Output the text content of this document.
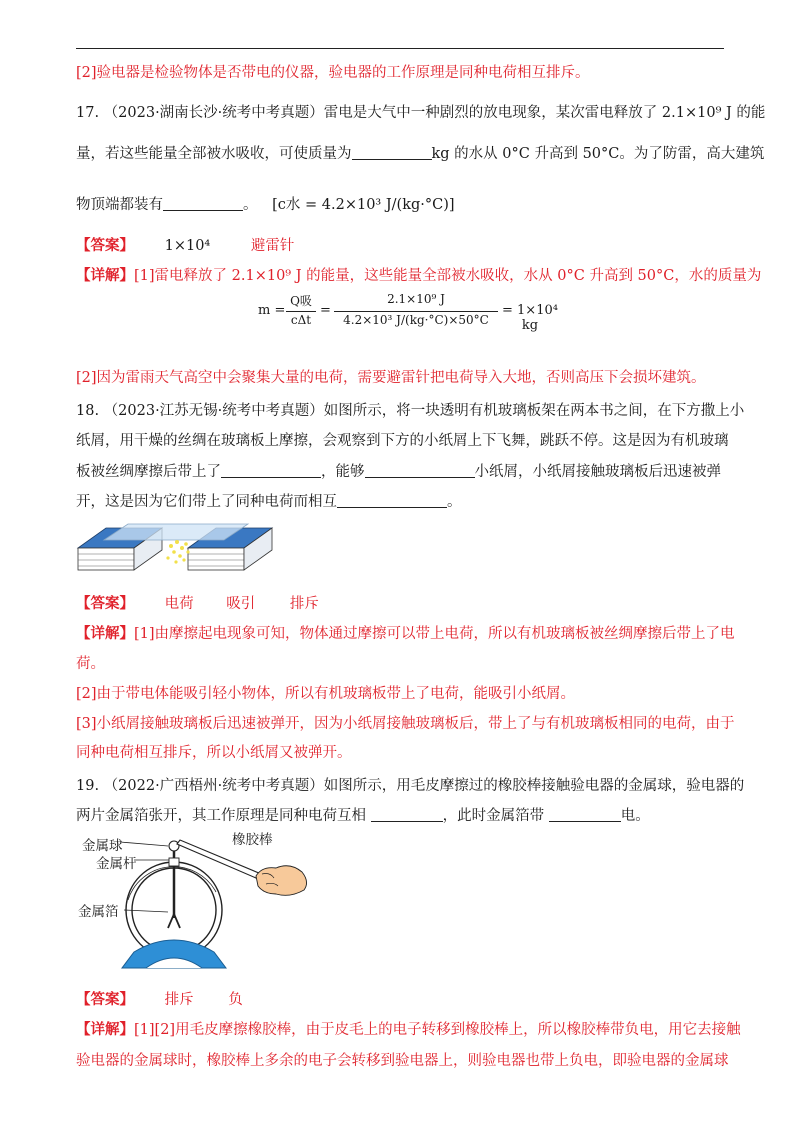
[2]验电器是检验物体是否带电的仪器，验电器的工作原理是同种电荷相互排斥。
17. （2023·湖南长沙·统考中考真题）雷电是大气中一种剧烈的放电现象，某次雷电释放了 2.1×10⁹ J 的能
量，若这些能量全部被水吸收，可使质量为	kg 的水从 0°C 升高到 50°C。为了防雷，高大建筑
物顶端都装有	。 [c水 = 4.2×10³ J/(kg·°C)]
【答案】 1×10⁴	避雷针
【详解】[1]雷电释放了 2.1×10⁹ J 的能量，这些能量全部被水吸收，水从 0°C 升高到 50°C，水的质量为
m =
Q吸
cΔt
=
2.1×10⁹ J
4.2×10³ J/(kg·°C)×50°C
= 1×10⁴ kg
[2]因为雷雨天气高空中会聚集大量的电荷，需要避雷针把电荷导入大地，否则高压下会损坏建筑。
18. （2023·江苏无锡·统考中考真题）如图所示，将一块透明有机玻璃板架在两本书之间，在下方撒上小
纸屑，用干燥的丝绸在玻璃板上摩擦，会观察到下方的小纸屑上下飞舞，跳跃不停。这是因为有机玻璃
板被丝绸摩擦后带上了	，能够	小纸屑，小纸屑接触玻璃板后迅速被弹
开，这是因为它们带上了同种电荷而相互	。
【答案】 电荷 吸引 排斥
【详解】[1]由摩擦起电现象可知，物体通过摩擦可以带上电荷，所以有机玻璃板被丝绸摩擦后带上了电
荷。
[2]由于带电体能吸引轻小物体，所以有机玻璃板带上了电荷，能吸引小纸屑。
[3]小纸屑接触玻璃板后迅速被弹开，因为小纸屑接触玻璃板后，带上了与有机玻璃板相同的电荷，由于
同种电荷相互排斥，所以小纸屑又被弹开。
19. （2022·广西梧州·统考中考真题）如图所示，用毛皮摩擦过的橡胶棒接触验电器的金属球，验电器的
两片金属箔张开，其工作原理是同种电荷互相	，此时金属箔带	电。
金属球
金属杆
金属箔
橡胶棒
【答案】 排斥 负
【详解】[1][2]用毛皮摩擦橡胶棒，由于皮毛上的电子转移到橡胶棒上，所以橡胶棒带负电，用它去接触
验电器的金属球时，橡胶棒上多余的电子会转移到验电器上，则验电器也带上负电，即验电器的金属球
